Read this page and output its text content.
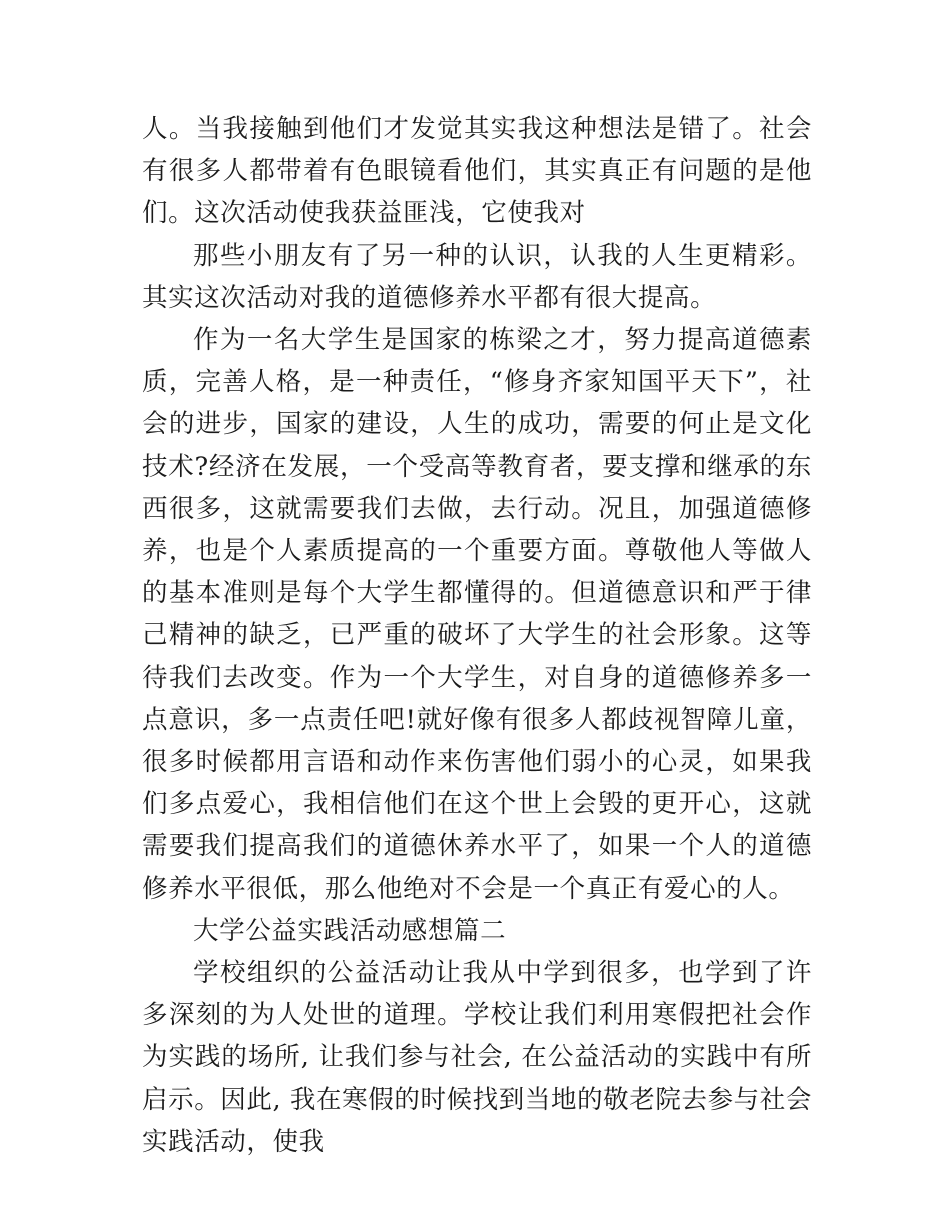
人。当我接触到他们才发觉其实我这种想法是错了。社会有很多人都带着有色眼镜看他们，其实真正有问题的是他们。这次活动使我获益匪浅，它使我对

那些小朋友有了另一种的认识，认我的人生更精彩。其实这次活动对我的道德修养水平都有很大提高。

作为一名大学生是国家的栋梁之才，努力提高道德素质，完善人格，是一种责任，“修身齐家知国平天下”，社会的进步，国家的建设，人生的成功，需要的何止是文化技术?经济在发展，一个受高等教育者，要支撑和继承的东西很多，这就需要我们去做，去行动。况且，加强道德修养，也是个人素质提高的一个重要方面。尊敬他人等做人的基本准则是每个大学生都懂得的。但道德意识和严于律己精神的缺乏，已严重的破坏了大学生的社会形象。这等待我们去改变。作为一个大学生，对自身的道德修养多一点意识，多一点责任吧!就好像有很多人都歧视智障儿童，很多时候都用言语和动作来伤害他们弱小的心灵，如果我们多点爱心，我相信他们在这个世上会毁的更开心，这就需要我们提高我们的道德休养水平了，如果一个人的道德修养水平很低，那么他绝对不会是一个真正有爱心的人。

大学公益实践活动感想篇二

学校组织的公益活动让我从中学到很多，也学到了许多深刻的为人处世的道理。学校让我们利用寒假把社会作为实践的场所, 让我们参与社会, 在公益活动的实践中有所启示。因此, 我在寒假的时候找到当地的敬老院去参与社会实践活动，使我
